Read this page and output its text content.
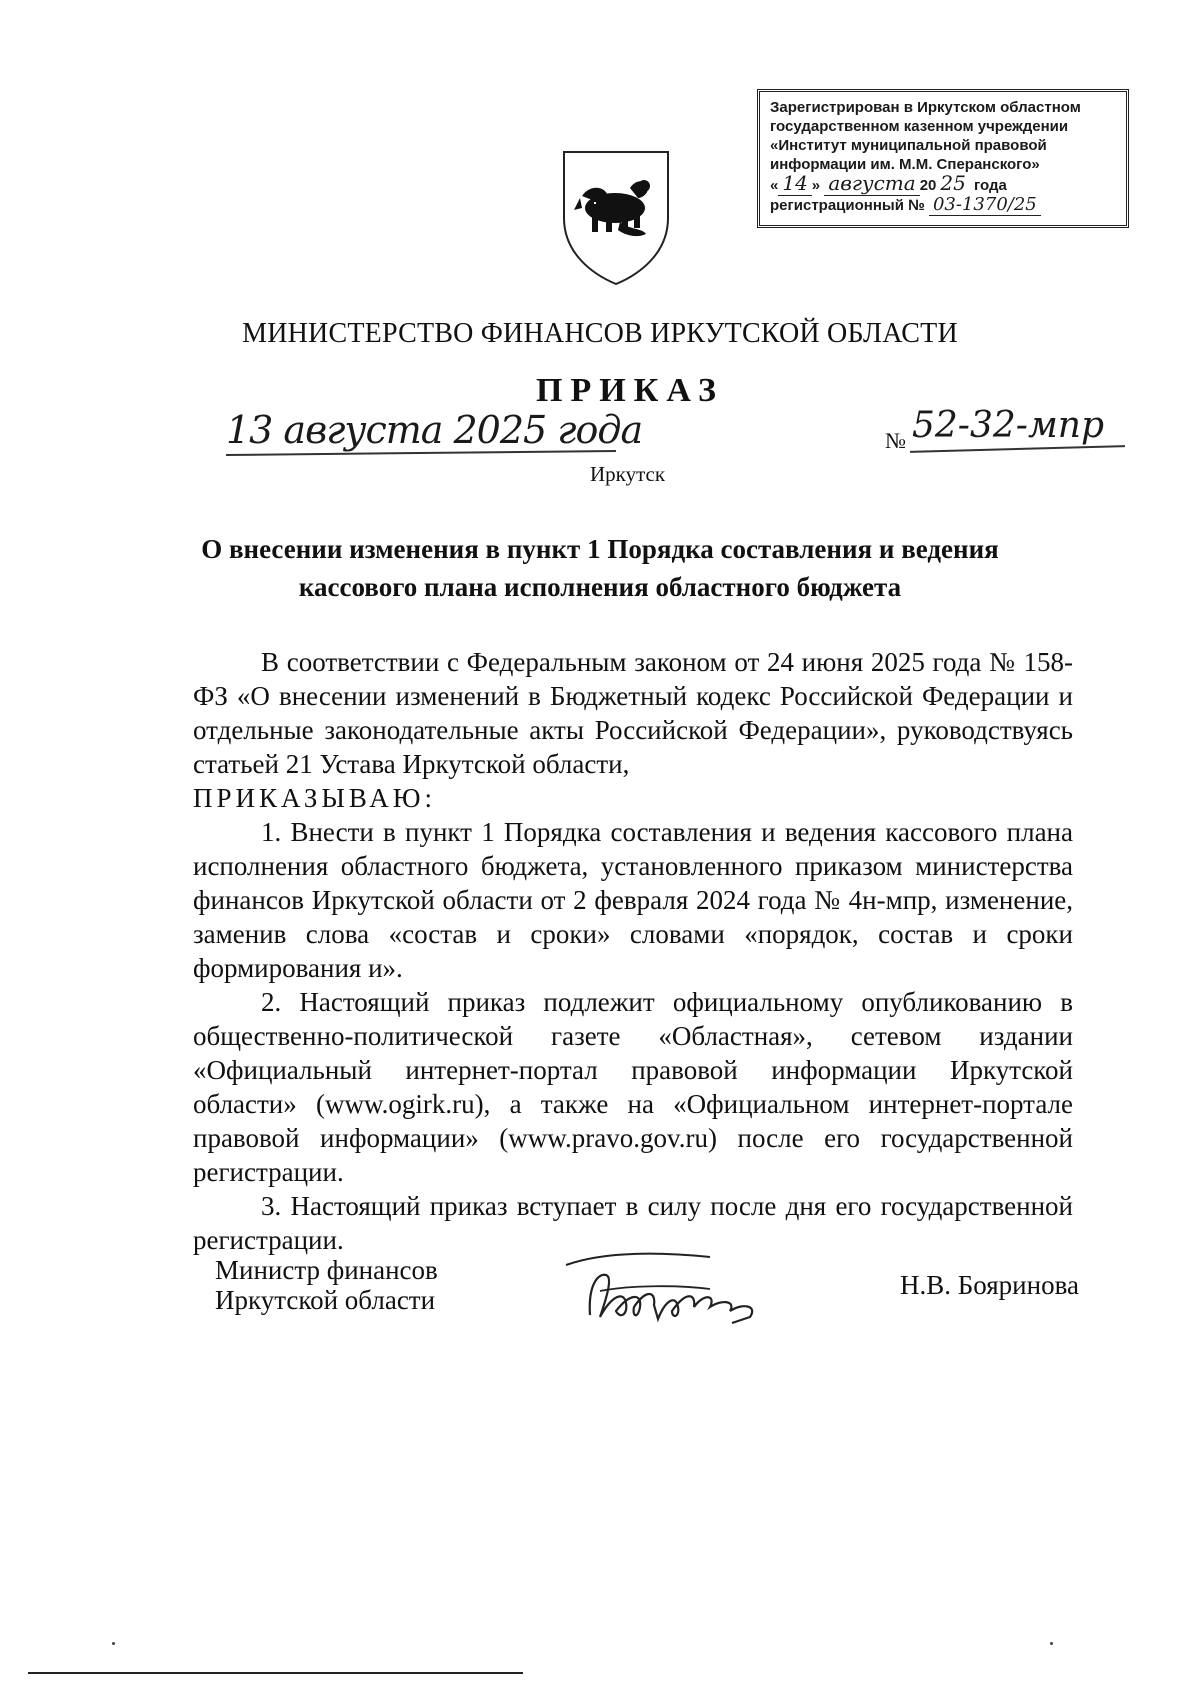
Зарегистрирован в Иркутском областном
государственном казенном учреждении
«Институт муниципальной правовой
информации им. М.М. Сперанского»
« 14 » августа 20 25 года
регистрационный № 03-1370/25
МИНИСТЕРСТВО ФИНАНСОВ ИРКУТСКОЙ ОБЛАСТИ
ПРИКАЗ
13 августа 2025 года	№ 52-32-мпр
Иркутск
О внесении изменения в пункт 1 Порядка составления и ведения
кассового плана исполнения областного бюджета

В соответствии с Федеральным законом от 24 июня 2025 года № 158-ФЗ «О внесении изменений в Бюджетный кодекс Российской Федерации и отдельные законодательные акты Российской Федерации», руководствуясь статьей 21 Устава Иркутской области,

ПРИКАЗЫВАЮ:

1. Внести в пункт 1 Порядка составления и ведения кассового плана исполнения областного бюджета, установленного приказом министерства финансов Иркутской области от 2 февраля 2024 года № 4н-мпр, изменение, заменив слова «состав и сроки» словами «порядок, состав и сроки формирования и».

2. Настоящий приказ подлежит официальному опубликованию в общественно-политической газете «Областная», сетевом издании «Официальный интернет-портал правовой информации Иркутской области» (www.ogirk.ru), а также на «Официальном интернет-портале правовой информации» (www.pravo.gov.ru) после его государственной регистрации.

3. Настоящий приказ вступает в силу после дня его государственной регистрации.

Министр финансов
Иркутской области	Н.В. Бояринова
